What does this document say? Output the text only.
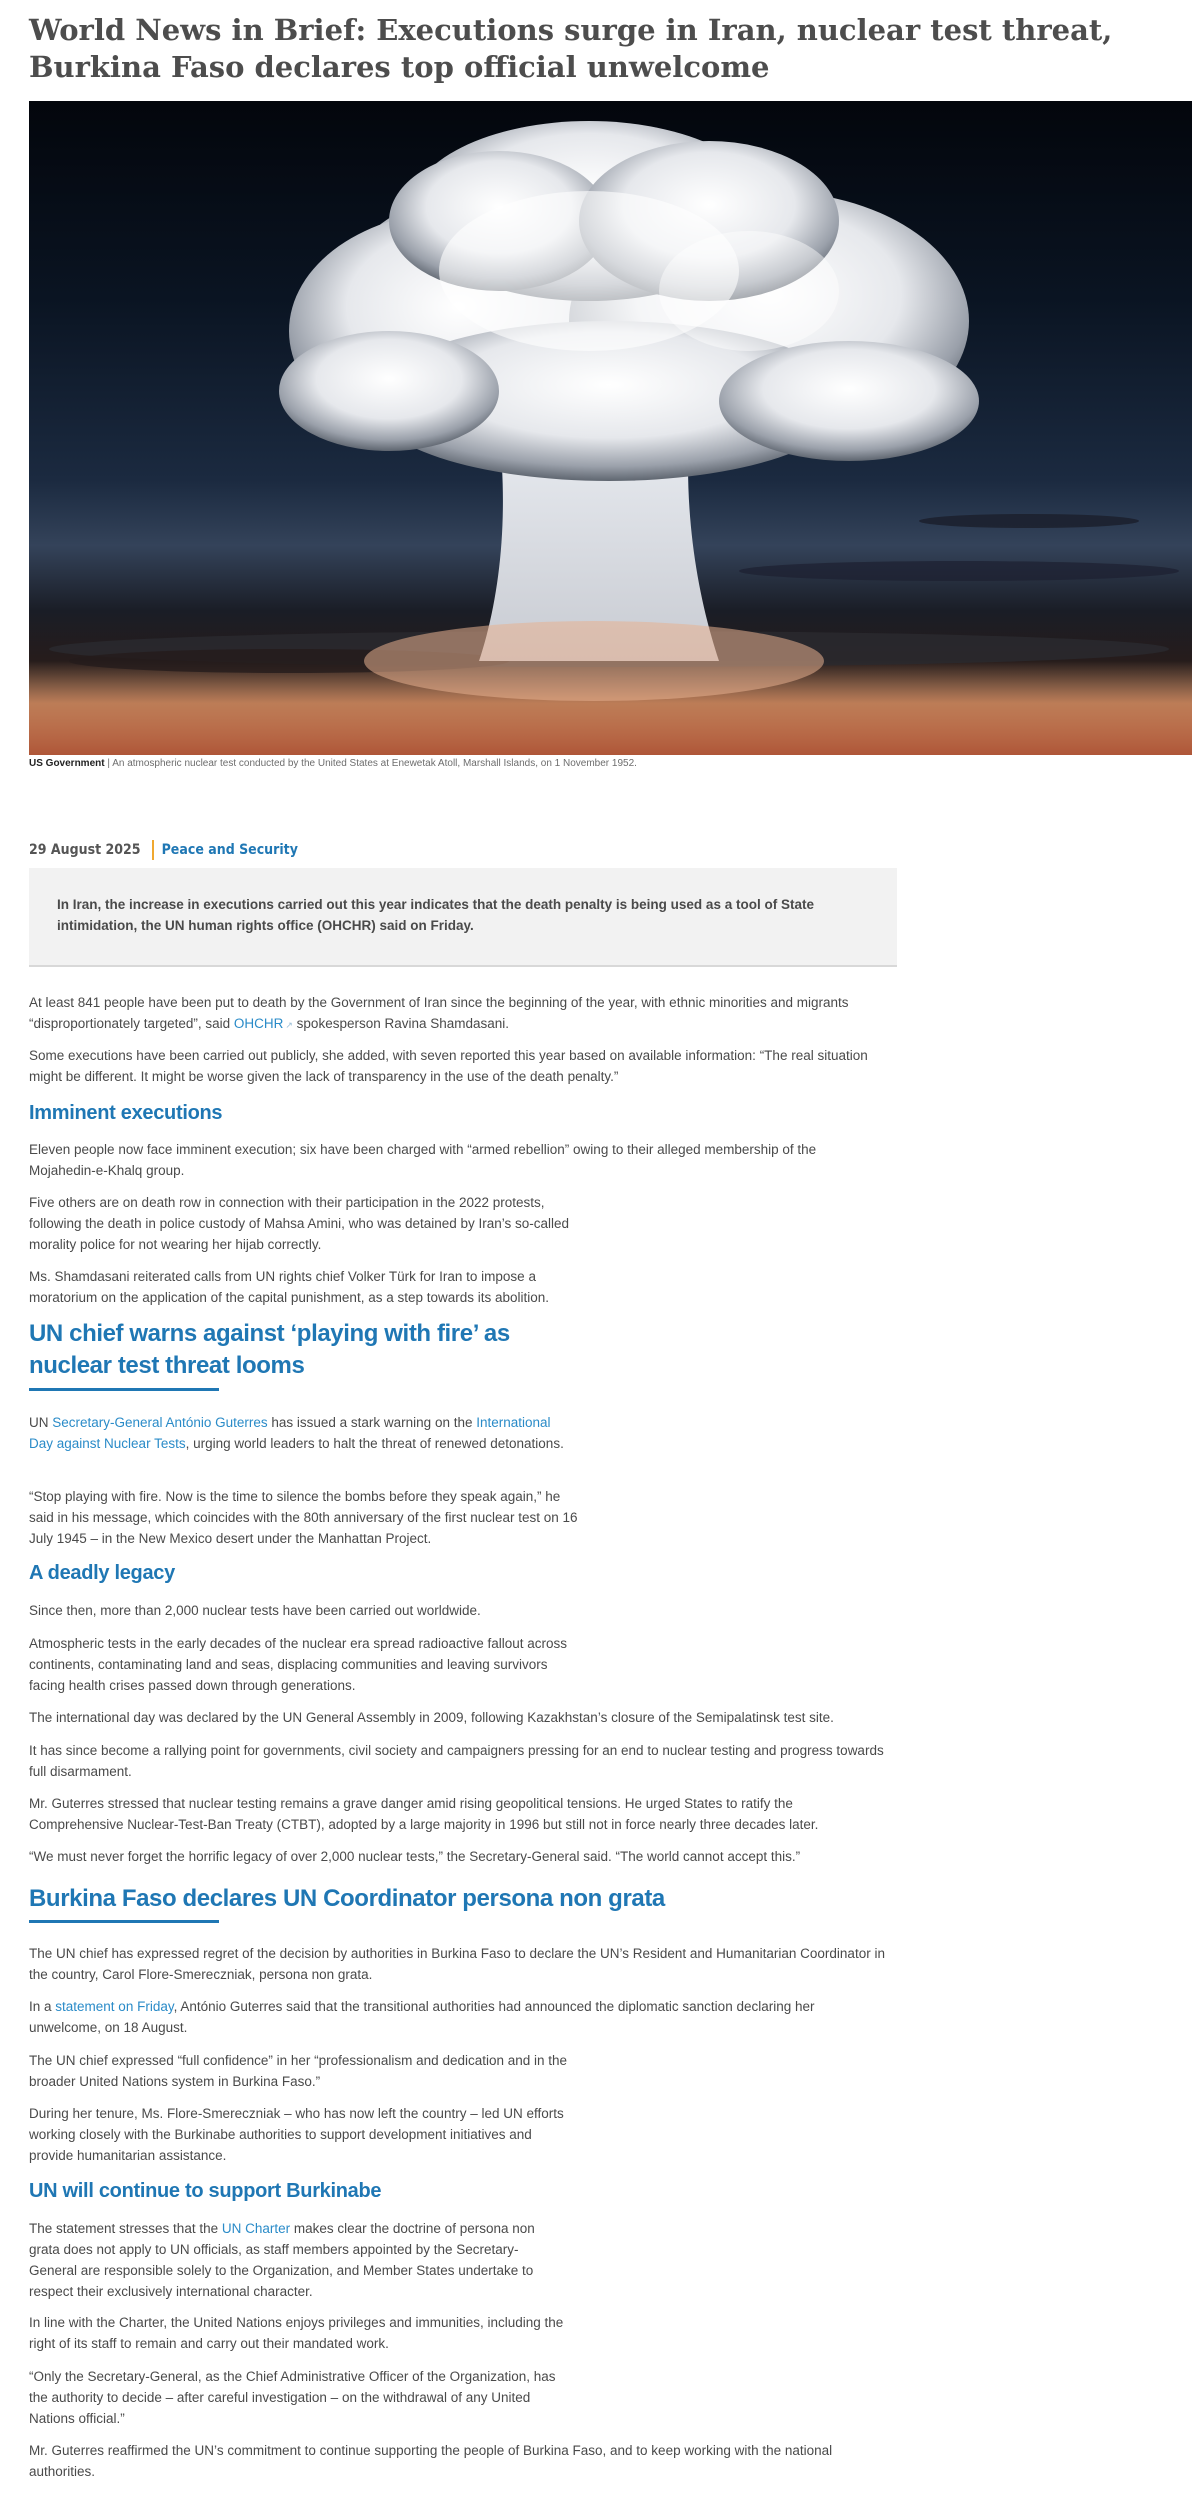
World News in Brief: Executions surge in Iran, nuclear test threat, Burkina Faso declares top official unwelcome
US Government | An atmospheric nuclear test conducted by the United States at Enewetak Atoll, Marshall Islands, on 1 November 1952.
29 August 2025 Peace and Security

In Iran, the increase in executions carried out this year indicates that the death penalty is being used as a tool of State intimidation, the UN human rights office (OHCHR) said on Friday.

At least 841 people have been put to death by the Government of Iran since the beginning of the year, with ethnic minorities and migrants “disproportionately targeted”, said OHCHR ↗ spokesperson Ravina Shamdasani.

Some executions have been carried out publicly, she added, with seven reported this year based on available information: “The real situation might be different. It might be worse given the lack of transparency in the use of the death penalty.”

Imminent executions

Eleven people now face imminent execution; six have been charged with “armed rebellion” owing to their alleged membership of the Mojahedin-e-Khalq group.

Five others are on death row in connection with their participation in the 2022 protests, following the death in police custody of Mahsa Amini, who was detained by Iran’s so-called morality police for not wearing her hijab correctly.

Ms. Shamdasani reiterated calls from UN rights chief Volker Türk for Iran to impose a moratorium on the application of the capital punishment, as a step towards its abolition.

UN chief warns against ‘playing with fire’ as nuclear test threat looms

UN Secretary-General António Guterres has issued a stark warning on the International Day against Nuclear Tests, urging world leaders to halt the threat of renewed detonations.

“Stop playing with fire. Now is the time to silence the bombs before they speak again,” he said in his message, which coincides with the 80th anniversary of the first nuclear test on 16 July 1945 – in the New Mexico desert under the Manhattan Project.

A deadly legacy

Since then, more than 2,000 nuclear tests have been carried out worldwide.

Atmospheric tests in the early decades of the nuclear era spread radioactive fallout across continents, contaminating land and seas, displacing communities and leaving survivors facing health crises passed down through generations.

The international day was declared by the UN General Assembly in 2009, following Kazakhstan’s closure of the Semipalatinsk test site.

It has since become a rallying point for governments, civil society and campaigners pressing for an end to nuclear testing and progress towards full disarmament.

Mr. Guterres stressed that nuclear testing remains a grave danger amid rising geopolitical tensions. He urged States to ratify the Comprehensive Nuclear-Test-Ban Treaty (CTBT), adopted by a large majority in 1996 but still not in force nearly three decades later.

“We must never forget the horrific legacy of over 2,000 nuclear tests,” the Secretary-General said. “The world cannot accept this.”

Burkina Faso declares UN Coordinator persona non grata

The UN chief has expressed regret of the decision by authorities in Burkina Faso to declare the UN’s Resident and Humanitarian Coordinator in the country, Carol Flore-Smereczniak, persona non grata.

In a statement on Friday, António Guterres said that the transitional authorities had announced the diplomatic sanction declaring her unwelcome, on 18 August.

The UN chief expressed “full confidence” in her “professionalism and dedication and in the broader United Nations system in Burkina Faso.”

During her tenure, Ms. Flore-Smereczniak – who has now left the country – led UN efforts working closely with the Burkinabe authorities to support development initiatives and provide humanitarian assistance.

UN will continue to support Burkinabe

The statement stresses that the UN Charter makes clear the doctrine of persona non grata does not apply to UN officials, as staff members appointed by the Secretary-General are responsible solely to the Organization, and Member States undertake to respect their exclusively international character.

In line with the Charter, the United Nations enjoys privileges and immunities, including the right of its staff to remain and carry out their mandated work.

“Only the Secretary-General, as the Chief Administrative Officer of the Organization, has the authority to decide – after careful investigation – on the withdrawal of any United Nations official.”

Mr. Guterres reaffirmed the UN’s commitment to continue supporting the people of Burkina Faso, and to keep working with the national authorities.
